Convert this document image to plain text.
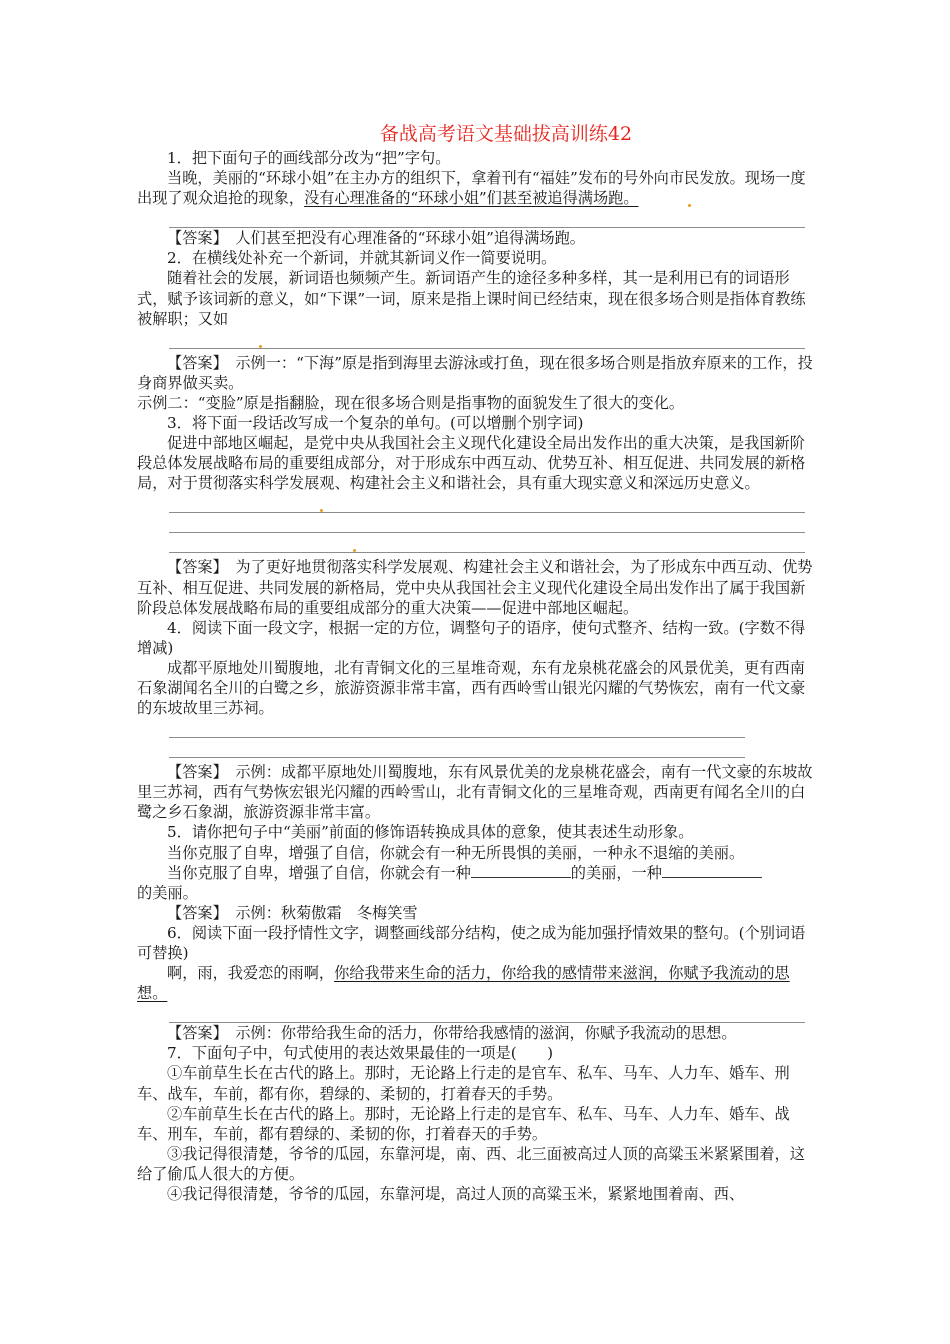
备战高考语文基础拔高训练42

1．把下面句子的画线部分改为“把”字句。

当晚，美丽的“环球小姐”在主办方的组织下，拿着刊有“福娃”发布的号外向市民发放。现场一度出现了观众追抢的现象，没有心理准备的“环球小姐”们甚至被追得满场跑。

【答案】　 人们甚至把没有心理准备的“环球小姐”追得满场跑。

2．在横线处补充一个新词，并就其新词义作一简要说明。

随着社会的发展，新词语也频频产生。新词语产生的途径多种多样，其一是利用已有的词语形式，赋予该词新的意义，如“下课”一词，原来是指上课时间已经结束，现在很多场合则是指体育教练被解职；又如

【答案】　 示例一：“下海”原是指到海里去游泳或打鱼，现在很多场合则是指放弃原来的工作，投身商界做买卖。

示例二：“变脸”原是指翻脸，现在很多场合则是指事物的面貌发生了很大的变化。

3．将下面一段话改写成一个复杂的单句。(可以增删个别字词)

促进中部地区崛起，是党中央从我国社会主义现代化建设全局出发作出的重大决策，是我国新阶段总体发展战略布局的重要组成部分，对于形成东中西互动、优势互补、相互促进、共同发展的新格局，对于贯彻落实科学发展观、构建社会主义和谐社会，具有重大现实意义和深远历史意义。

【答案】　 为了更好地贯彻落实科学发展观、构建社会主义和谐社会，为了形成东中西互动、优势互补、相互促进、共同发展的新格局，党中央从我国社会主义现代化建设全局出发作出了属于我国新阶段总体发展战略布局的重要组成部分的重大决策——促进中部地区崛起。

4．阅读下面一段文字，根据一定的方位，调整句子的语序，使句式整齐、结构一致。(字数不得增减)

成都平原地处川蜀腹地，北有青铜文化的三星堆奇观，东有龙泉桃花盛会的风景优美，更有西南石象湖闻名全川的白鹭之乡，旅游资源非常丰富，西有西岭雪山银光闪耀的气势恢宏，南有一代文豪的东坡故里三苏祠。

【答案】　 示例：成都平原地处川蜀腹地，东有风景优美的龙泉桃花盛会，南有一代文豪的东坡故里三苏祠，西有气势恢宏银光闪耀的西岭雪山，北有青铜文化的三星堆奇观，西南更有闻名全川的白鹭之乡石象湖，旅游资源非常丰富。

5．请你把句子中“美丽”前面的修饰语转换成具体的意象，使其表述生动形象。

当你克服了自卑，增强了自信，你就会有一种无所畏惧的美丽，一种永不退缩的美丽。

当你克服了自卑，增强了自信，你就会有一种	的美丽，一种
的美丽。

【答案】　 示例：秋菊傲霜　冬梅笑雪

6．阅读下面一段抒情性文字，调整画线部分结构，使之成为能加强抒情效果的整句。(个别词语可替换)

啊，雨，我爱恋的雨啊，你给我带来生命的活力，你给我的感情带来滋润，你赋予我流动的思想。

【答案】　 示例：你带给我生命的活力，你带给我感情的滋润，你赋予我流动的思想。

7．下面句子中，句式使用的表达效果最佳的一项是(　　)

①车前草生长在古代的路上。那时，无论路上行走的是官车、私车、马车、人力车、婚车、刑车、战车，车前，都有你，碧绿的、柔韧的，打着春天的手势。

②车前草生长在古代的路上。那时，无论路上行走的是官车、私车、马车、人力车、婚车、战车、刑车，车前，都有碧绿的、柔韧的你，打着春天的手势。

③我记得很清楚，爷爷的瓜园，东靠河堤，南、西、北三面被高过人顶的高粱玉米紧紧围着，这给了偷瓜人很大的方便。

④我记得很清楚，爷爷的瓜园，东靠河堤，高过人顶的高粱玉米，紧紧地围着南、西、
